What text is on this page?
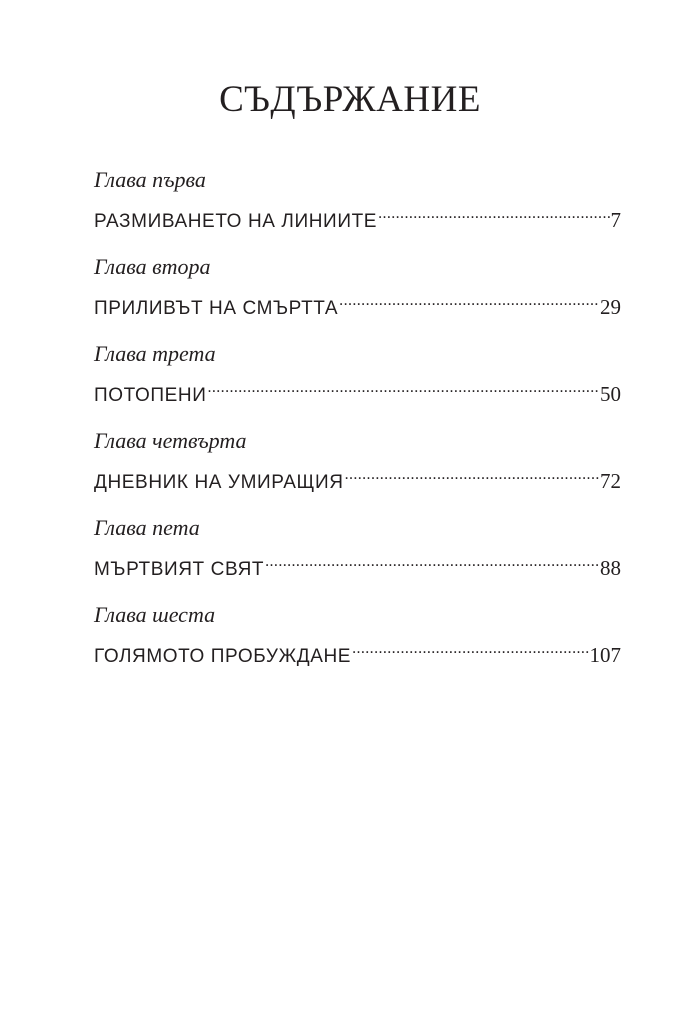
СЪДЪРЖАНИЕ
Глава първа
РАЗМИВАНЕТО НА ЛИНИИТЕ .....	7
Глава втора
ПРИЛИВЪТ НА СМЪРТТА .....	29
Глава трета
ПОТОПЕНИ .....	50
Глава четвърта
ДНЕВНИК НА УМИРАЩИЯ .....	72
Глава пета
МЪРТВИЯТ СВЯТ .....	88
Глава шеста
ГОЛЯМОТО ПРОБУЖДАНЕ .....	107
